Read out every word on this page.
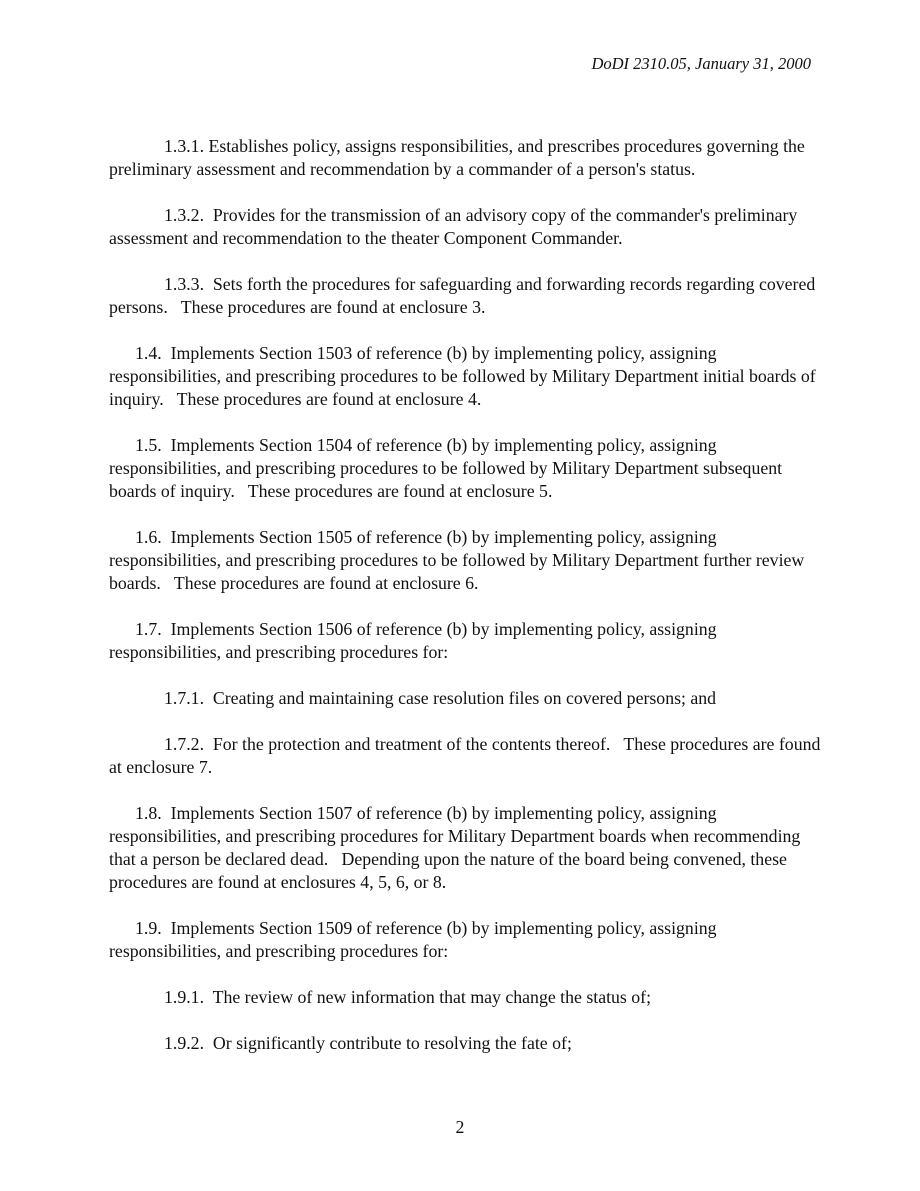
DoDI 2310.05, January 31, 2000

1.3.1. Establishes policy, assigns responsibilities, and prescribes procedures governing the preliminary assessment and recommendation by a commander of a person's status.

1.3.2.  Provides for the transmission of an advisory copy of the commander's preliminary assessment and recommendation to the theater Component Commander.

1.3.3.  Sets forth the procedures for safeguarding and forwarding records regarding covered persons.   These procedures are found at enclosure 3.

1.4.  Implements Section 1503 of reference (b) by implementing policy, assigning responsibilities, and prescribing procedures to be followed by Military Department initial boards of inquiry.   These procedures are found at enclosure 4.

1.5.  Implements Section 1504 of reference (b) by implementing policy, assigning responsibilities, and prescribing procedures to be followed by Military Department subsequent boards of inquiry.   These procedures are found at enclosure 5.

1.6.  Implements Section 1505 of reference (b) by implementing policy, assigning responsibilities, and prescribing procedures to be followed by Military Department further review boards.   These procedures are found at enclosure 6.

1.7.  Implements Section 1506 of reference (b) by implementing policy, assigning responsibilities, and prescribing procedures for:

1.7.1.  Creating and maintaining case resolution files on covered persons; and

1.7.2.  For the protection and treatment of the contents thereof.   These procedures are found at enclosure 7.

1.8.  Implements Section 1507 of reference (b) by implementing policy, assigning responsibilities, and prescribing procedures for Military Department boards when recommending that a person be declared dead.   Depending upon the nature of the board being convened, these procedures are found at enclosures 4, 5, 6, or 8.

1.9.  Implements Section 1509 of reference (b) by implementing policy, assigning responsibilities, and prescribing procedures for:

1.9.1.  The review of new information that may change the status of;

1.9.2.  Or significantly contribute to resolving the fate of;

2
